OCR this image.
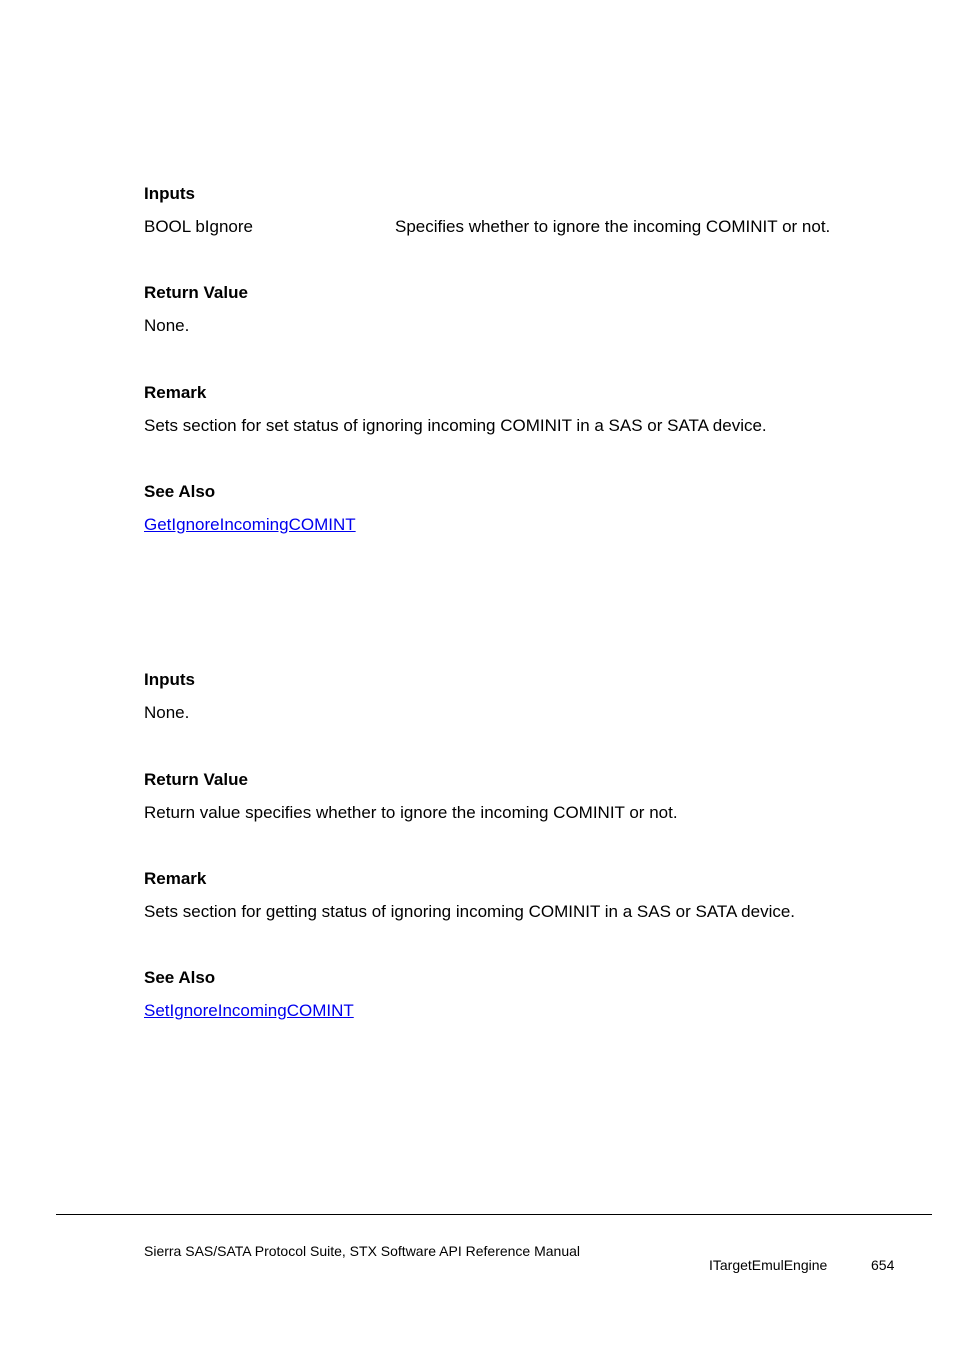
Inputs
BOOL bIgnore	Specifies whether to ignore the incoming COMINIT or not.
Return Value
None.
Remark
Sets section for set status of ignoring incoming COMINIT in a SAS or SATA device.
See Also
GetIgnoreIncomingCOMINT
Inputs
None.
Return Value
Return value specifies whether to ignore the incoming COMINIT or not.
Remark
Sets section for getting status of ignoring incoming COMINIT in a SAS or SATA device.
See Also
SetIgnoreIncomingCOMINT
Sierra SAS/SATA Protocol Suite, STX Software API Reference Manual
ITargetEmulEngine	654
